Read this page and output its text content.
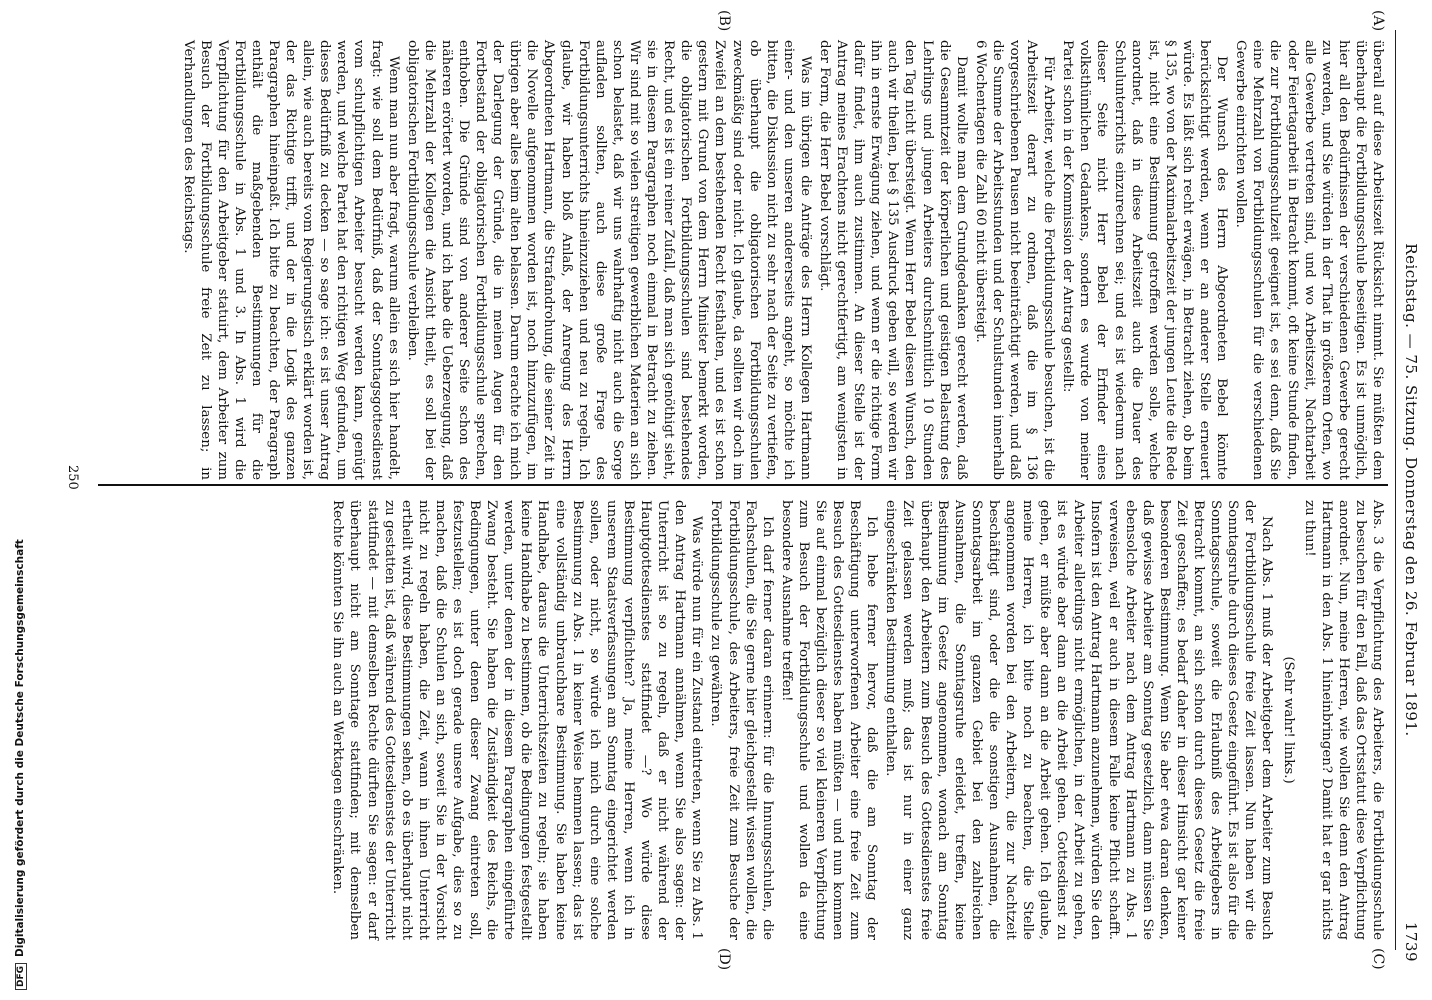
DFGDigitalisierung gefördert durch die Deutsche Forschungsgemeinschaft
Reichstag. — 75. Sitzung. Donnerstag den 26. Februar 1891.
1739
(A)
(B)
(C)
(D)

überall auf diese Arbeitszeit Rücksicht nimmt. Sie müßten dem überhaupt die Fortbildungsschule beseitigen. Es ist unmöglich, hier all den Bedürfnissen der verschiedenen Gewerbe gerecht zu werden, und Sie würden in der That in größerem Orten, wo alle Gewerbe vertreten sind, und wo Arbeitszeit, Nachtarbeit oder Feiertagarbeit in Betracht kommt, oft keine Stunde finden, die zur Fortbildungsschulzeit geeignet ist, es sei denn, daß Sie eine Mehrzahl von Fortbildungsschulen für die verschiedenen Gewerbe einrichten wollen.

Der Wunsch des Herrn Abgeordneten Bebel könnte berücksichtigt werden, wenn er an anderer Stelle erneuert würde. Es läßt sich recht erwägen, in Betracht ziehen, ob beim § 135, wo von der Maximalarbeitszeit der jungen Leute die Rede ist, nicht eine Bestimmung getroffen werden solle, welche anordnet, daß in diese Arbeitszeit auch die Dauer des Schulunterrichts einzurechnen sei; und es ist wiederum nach dieser Seite nicht Herr Bebel der Erfinder eines volksthümlichen Gedankens, sondern es wurde von meiner Partei schon in der Kommission der Antrag gestellt:

Für Arbeiter, welche die Fortbildungsschule besuchen, ist die Arbeitszeit derart zu ordnen, daß die im § 136 vorgeschriebenen Pausen nicht beeinträchtigt werden, und daß die Summe der Arbeitsstunden und der Schulstunden innerhalb 6 Wochentagen die Zahl 60 nicht übersteigt.

Damit wollte man dem Grundgedanken gerecht werden, daß die Gesammtzeit der körperlichen und geistigen Belastung des Lehrlings und jungen Arbeiters durchschnittlich 10 Stunden den Tag nicht übersteigt. Wenn Herr Bebel diesen Wunsch, den auch wir theilen, bei § 135 Ausdruck geben will, so werden wir ihn in ernste Erwägung ziehen, und wenn er die richtige Form dafür findet, ihm auch zustimmen. An dieser Stelle ist der Antrag meines Erachtens nicht gerechtfertigt, am wenigsten in der Form, die Herr Bebel vorschlägt.

Was im übrigen die Anträge des Herrn Kollegen Hartmann einer- und den unseren andererseits angeht, so möchte ich bitten, die Diskussion nicht zu sehr nach der Seite zu vertiefen, ob überhaupt die obligatorischen Fortbildungsschulen zweckmäßig sind oder nicht. Ich glaube, da sollten wir doch im Zweifel an dem bestehenden Recht festhalten, und es ist schon gestern mit Grund von dem Herrn Minister bemerkt worden, die obligatorischen Fortbildungsschulen sind bestehendes Recht, und es ist ein reiner Zufall, daß man sich genöthigt sieht, sie in diesem Paragraphen noch einmal in Betracht zu ziehen. Wir sind mit so vielen streitigen gewerblichen Materien an sich schon belastet, daß wir uns wahrhaftig nicht auch die Sorge aufladen sollten, auch diese große Frage des Fortbildungsunterrichts hineinzuziehen und neu zu regeln. Ich glaube, wir haben bloß Anlaß, der Anregung des Herrn Abgeordneten Hartmann, die Strafandrohung, die seiner Zeit in die Novelle aufgenommen worden ist, noch hinzuzufügen, im übrigen aber alles beim alten belassen. Darum erachte ich mich der Darlegung der Gründe, die in meinen Augen für den Fortbestand der obligatorischen Fortbildungsschule sprechen, enthoben. Die Gründe sind von anderer Seite schon des näheren erörtert worden, und ich habe die Ueberzeugung, daß die Mehrzahl der Kollegen die Ansicht theilt, es soll bei der obligatorischen Fortbildungsschule verbleiben.

Wenn man nun aber fragt, warum allein es sich hier handelt, fragt: wie soll dem Bedürfniß, daß der Sonntagsgottesdienst vom schulpflichtigen Arbeiter besucht werden kann, genügt werden, und welche Partei hat den richtigen Weg gefunden, um dieses Bedürfniß zu decken — so sage ich: es ist unser Antrag allein, wie auch bereits vom Regierungstisch erklärt worden ist, der das Richtige trifft, und der in die Logik des ganzen Paragraphen hineinpaßt. Ich bitte zu beachten, der Paragraph enthält die maßgebenden Bestimmungen für die Fortbildungsschule in Abs. 1 und 3. In Abs. 1 wird die Verpflichtung für den Arbeitgeber statuirt, dem Arbeiter zum Besuch der Fortbildungsschule freie Zeit zu lassen; in Verhandlungen des Reichstags.

Abs. 3 die Verpflichtung des Arbeiters, die Fortbildungsschule zu besuchen für den Fall, daß das Ortsstatut diese Verpflichtung anordnet. Nun, meine Herren, wie wollen Sie denn den Antrag Hartmann in den Abs. 1 hineinbringen? Damit hat er gar nichts zu thun!

(Sehr wahr! links.)

Nach Abs. 1 muß der Arbeitgeber dem Arbeiter zum Besuch der Fortbildungsschule freie Zeit lassen. Nun haben wir die Sonntagsruhe durch dieses Gesetz eingeführt. Es ist also für die Sonntagsschule, soweit die Erlaubniß des Arbeitgebers in Betracht kommt, an sich schon durch dieses Gesetz die freie Zeit geschaffen; es bedarf daher in dieser Hinsicht gar keiner besonderen Bestimmung. Wenn Sie aber etwa daran denken, daß gewisse Arbeiter am Sonntag gesetzlich, dann müssen Sie ebensolche Arbeiter nach dem Antrag Hartmann zu Abs. 1 verweisen, weil er auch in diesem Falle keine Pflicht schafft. Insofern ist den Antrag Hartmann anzunehmen, würden Sie den Arbeiter allerdings nicht ermöglichen, in der Arbeit zu gehen, ist es würde aber dann an die Arbeit gehen. Gottesdienst zu gehen, er müßte aber dann an die Arbeit gehen. Ich glaube, meine Herren, ich bitte noch zu beachten, die Stelle angenommen worden bei den Arbeitern, die zur Nachtzeit beschäftigt sind, oder die die sonstigen Ausnahmen, die Sonntagsarbeit im ganzen Gebiet bei den zahlreichen Ausnahmen, die Sonntagsruhe erleidet, treffen, keine Bestimmung im Gesetz angenommen, wonach am Sonntag überhaupt den Arbeitern zum Besuch des Gottesdienstes freie Zeit gelassen werden muß; das ist nur in einer ganz eingeschränkten Bestimmung enthalten.

Ich hebe ferner hervor, daß die am Sonntag der Beschäftigung unterworfenen Arbeiter eine freie Zeit zum Besuch des Gottesdienstes haben müßten — und nun kommen Sie auf einmal bezüglich dieser so viel kleineren Verpflichtung zum Besuch der Fortbildungsschule und wollen da eine besondere Ausnahme treffen!

Ich darf ferner daran erinnern: für die Innungsschulen, die Fachschulen, die Sie gerne hier gleichgestellt wissen wollen, die Fortbildungsschule, des Arbeiters, freie Zeit zum Besuche der Fortbildungsschule zu gewähren.

Was würde nun für ein Zustand eintreten, wenn Sie zu Abs. 1 den Antrag Hartmann annähmen, wenn Sie also sagen: der Unterricht ist so zu regeln, daß er nicht während der Hauptgottesdienstes stattfindet —? Wo würde diese Bestimmung verpflichten? Ja, meine Herren, wenn ich in unserem Staatsverfassungen am Sonntag eingerichtet werden sollen, oder nicht, so würde ich mich durch eine solche Bestimmung zu Abs. 1 in keiner Weise hemmen lassen; das ist eine vollständig unbrauchbare Bestimmung. Sie haben keine Handhabe, daraus die Unterrichtszeiten zu regeln; sie haben keine Handhabe zu bestimmen, ob die Bedingungen festgestellt werden, unter denen der in diesem Paragraphen eingeführte Zwang besteht. Sie haben die Zuständigkeit des Reichs, die Bedingungen, unter denen dieser Zwang eintreten soll, festzustellen; es ist doch gerade unsere Aufgabe, dies so zu machen, daß die Schulen an sich, soweit Sie in der Vorsicht nicht zu regeln haben, die Zeit, wann in ihnen Unterricht ertheilt wird, diese Bestimmungen sehen, ob es überhaupt nicht zu gestatten ist, daß während des Gottesdienstes der Unterricht stattfindet — mit demselben Rechte dürften Sie sagen: er darf überhaupt nicht am Sonntage stattfinden; mit demselben Rechte könnten Sie ihn auch an Werktagen einschränken.

250
